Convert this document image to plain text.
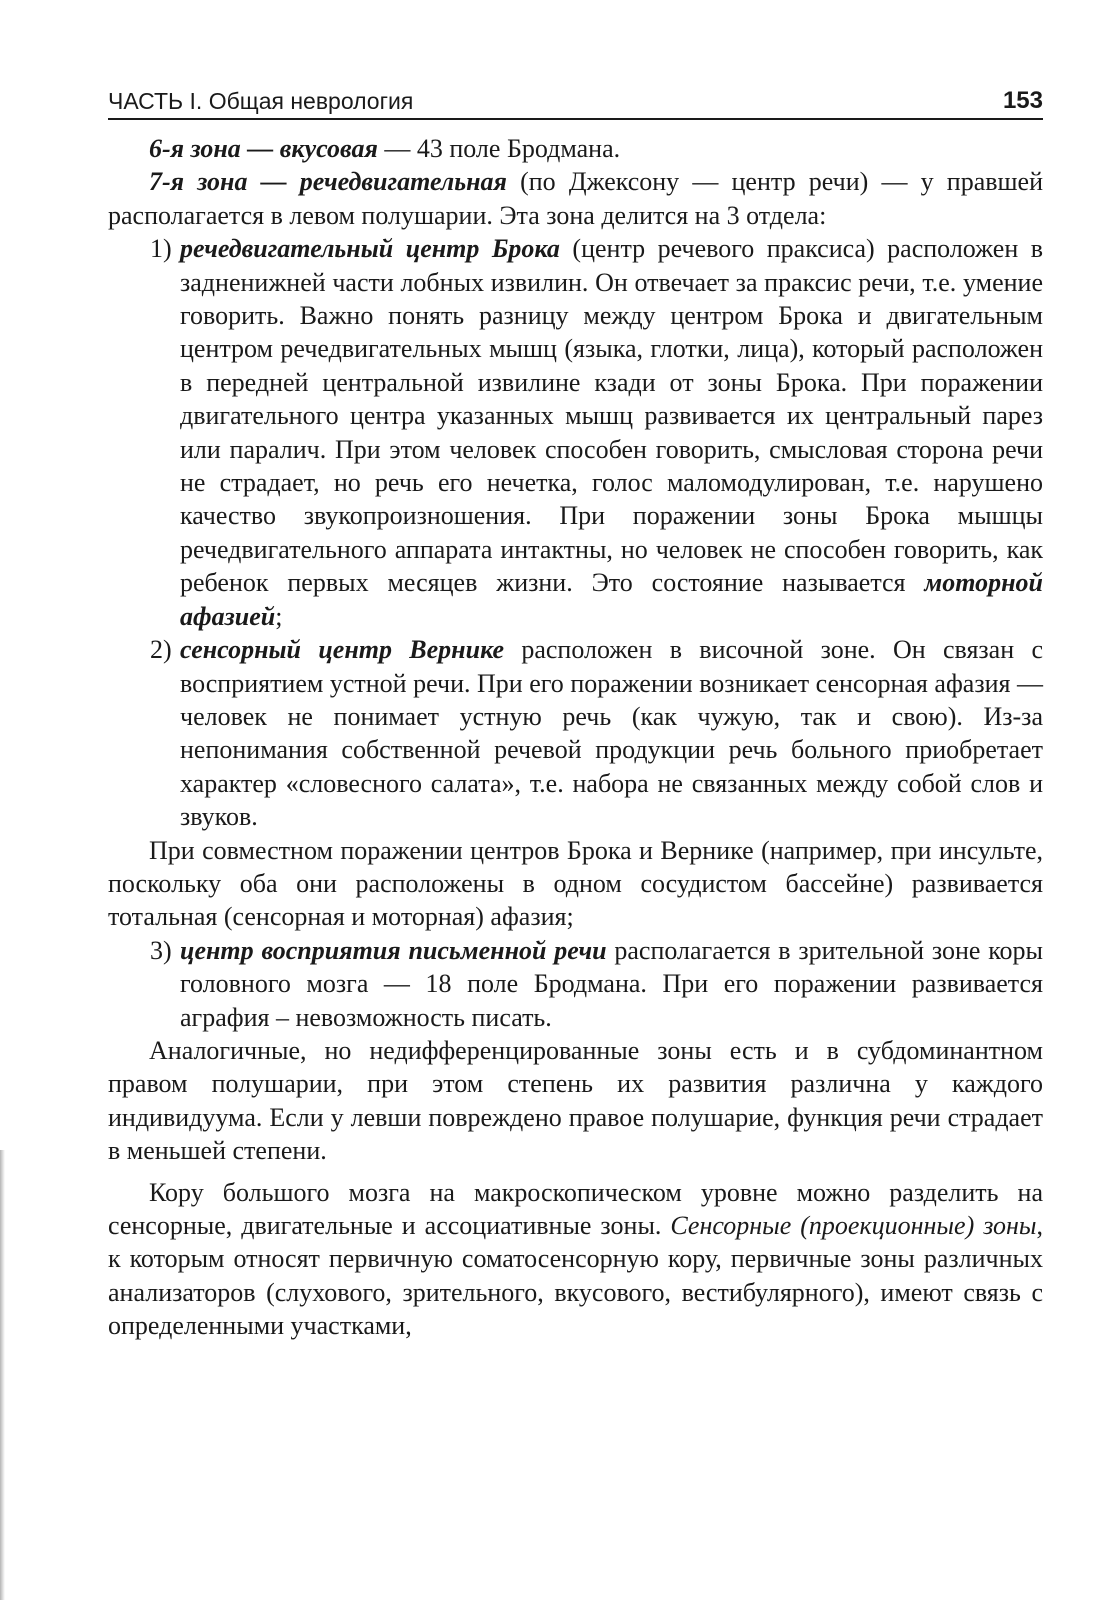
ЧАСТЬ I. Общая неврология	153

6-я зона — вкусовая — 43 поле Бродмана.

7-я зона — речедвигательная (по Джексону — центр речи) — у правшей располагается в левом полушарии. Эта зона делится на 3 отдела:

1) речедвигательный центр Брока (центр речевого праксиса) расположен в задненижней части лобных извилин. Он отвечает за праксис речи, т.е. умение говорить. Важно понять разницу между центром Брока и двигательным центром речедвигательных мышц (языка, глотки, лица), который расположен в передней центральной извилине кзади от зоны Брока. При поражении двигательного центра указанных мышц развивается их центральный парез или паралич. При этом человек способен говорить, смысловая сторона речи не страдает, но речь его нечетка, голос маломодулирован, т.е. нарушено качество звукопроизношения. При поражении зоны Брока мышцы речедвигательного аппарата интактны, но человек не способен говорить, как ребенок первых месяцев жизни. Это состояние называется моторной афазией;

2) сенсорный центр Вернике расположен в височной зоне. Он связан с восприятием устной речи. При его поражении возникает сенсорная афазия — человек не понимает устную речь (как чужую, так и свою). Из-за непонимания собственной речевой продукции речь больного приобретает характер «словесного салата», т.е. набора не связанных между собой слов и звуков.

При совместном поражении центров Брока и Вернике (например, при инсульте, поскольку оба они расположены в одном сосудистом бассейне) развивается тотальная (сенсорная и моторная) афазия;

3) центр восприятия письменной речи располагается в зрительной зоне коры головного мозга — 18 поле Бродмана. При его поражении развивается аграфия – невозможность писать.

Аналогичные, но недифференцированные зоны есть и в субдоминантном правом полушарии, при этом степень их развития различна у каждого индивидуума. Если у левши повреждено правое полушарие, функция речи страдает в меньшей степени.

Кору большого мозга на макроскопическом уровне можно разделить на сенсорные, двигательные и ассоциативные зоны. Сенсорные (проекционные) зоны, к которым относят первичную соматосенсорную кору, первичные зоны различных анализаторов (слухового, зрительного, вкусового, вестибулярного), имеют связь с определенными участками,
